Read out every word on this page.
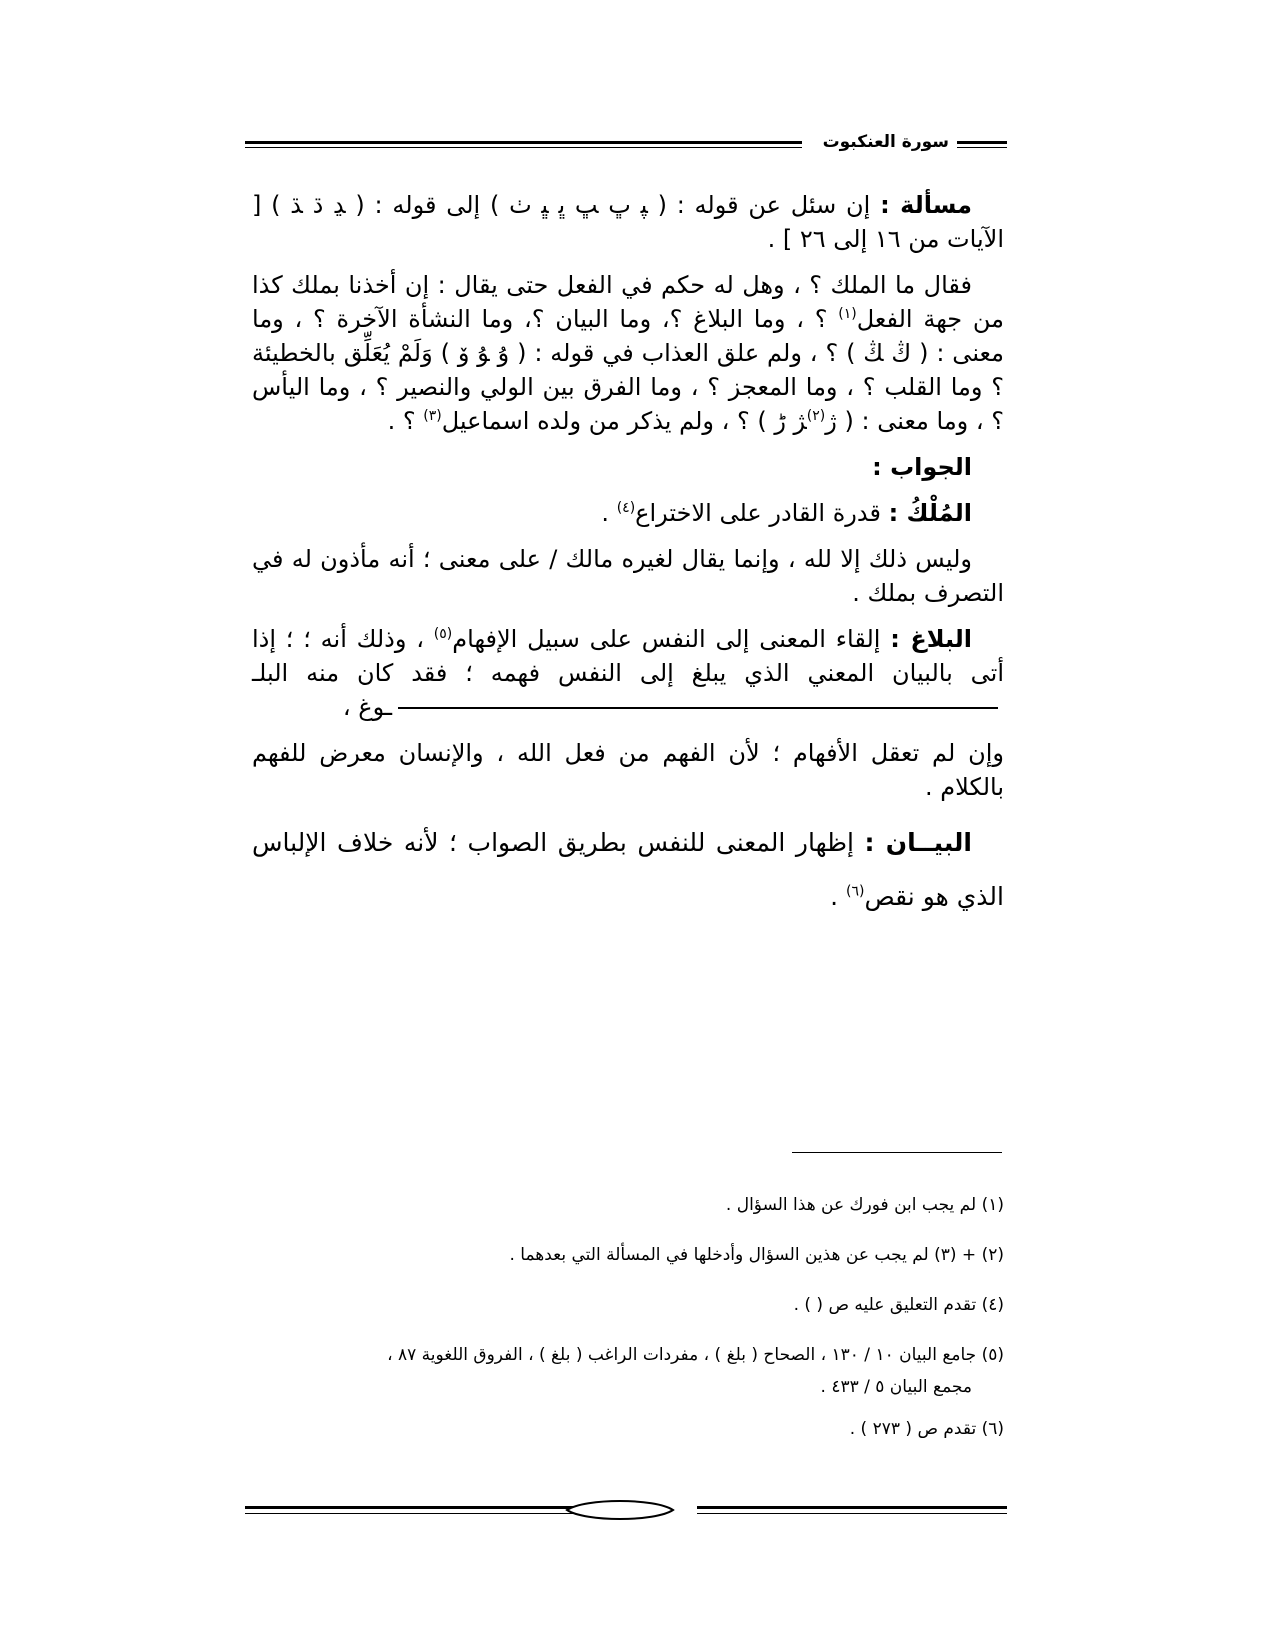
سورة العنكبوت

مسألة : إن سئل عن قوله : ( ﭙ ﭚ ﭛ ﭜ ﭝ ﭞ ) إلى قوله : ( ﮃ ﮄ ﮅ ) [ الآيات من ١٦ إلى ٢٦ ] .

فقال ما الملك ؟ ، وهل له حكم في الفعل حتى يقال : إن أخذنا بملك كذا من جهة الفعل$^{(١)}$ ؟ ، وما البلاغ ؟، وما البيان ؟، وما النشأة الآخرة ؟ ، وما معنى : ( ﯓ ﯔ ) ؟ ، ولم علق العذاب في قوله : ( ﯗ ﯘ ﯙ ) وَلَمْ يُعَلِّق بالخطيئة ؟ وما القلب ؟ ، وما المعجز ؟ ، وما الفرق بين الولي والنصير ؟ ، وما اليأس ؟ ، وما معنى : ( ﮊ$^{(٢)}$ﮋ ﮌ ) ؟ ، ولم يذكر من ولده اسماعيل$^{(٣)}$ ؟ .

الجواب :

المُلْكُ : قدرة القادر على الاختراع$^{(٤)}$ .

وليس ذلك إلا لله ، وإنما يقال لغيره مالك / على معنى ؛ أنه مأذون له في التصرف بملك .

البلاغ : إلقاء المعنى إلى النفس على سبيل الإفهام$^{(٥)}$ ، وذلك أنه ؛ ؛ إذا أتى بالبيان المعني الذي يبلغ إلى النفس فهمه ؛ فقد كان منه البلــوغ ،

وإن لم تعقل الأفهام ؛ لأن الفهم من فعل الله ، والإنسان معرض للفهم بالكلام .

البيــان : إظهار المعنى للنفس بطريق الصواب ؛ لأنه خلاف الإلباس الذي هو نقص$^{(٦)}$ .

(١) لم يجب ابن فورك عن هذا السؤال .

(٢) + (٣) لم يجب عن هذين السؤال وأدخلها في المسألة التي بعدهما .

(٤) تقدم التعليق عليه ص ( ) .

(٥) جامع البيان ١٠ / ١٣٠ ، الصحاح ( بلغ ) ، مفردات الراغب ( بلغ ) ، الفروق اللغوية ٨٧ ،

مجمع البيان ٥ / ٤٣٣ .

(٦) تقدم ص ( ٢٧٣ ) .
